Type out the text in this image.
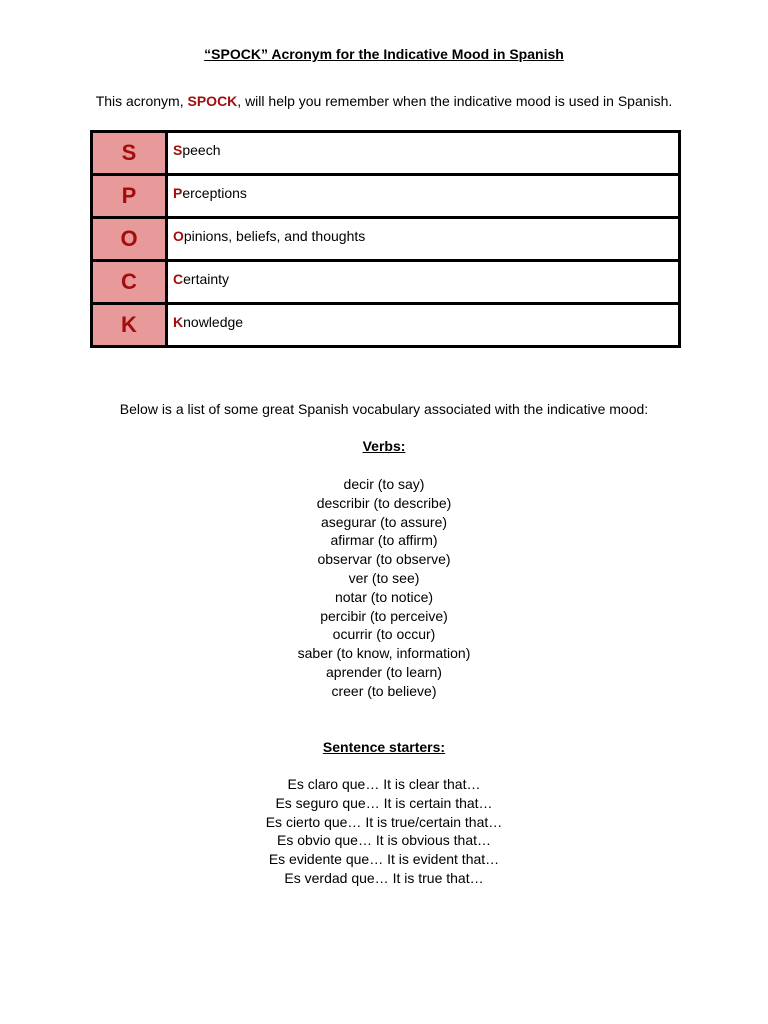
“SPOCK” Acronym for the Indicative Mood in Spanish
This acronym, SPOCK, will help you remember when the indicative mood is used in Spanish.
S	Speech
P	Perceptions
O	Opinions, beliefs, and thoughts
C	Certainty
K	Knowledge
Below is a list of some great Spanish vocabulary associated with the indicative mood:
Verbs:
decir (to say)
describir (to describe)
asegurar (to assure)
afirmar (to affirm)
observar (to observe)
ver (to see)
notar (to notice)
percibir (to perceive)
ocurrir (to occur)
saber (to know, information)
aprender (to learn)
creer (to believe)
Sentence starters:
Es claro que… It is clear that…
Es seguro que… It is certain that…
Es cierto que… It is true/certain that…
Es obvio que… It is obvious that…
Es evidente que… It is evident that…
Es verdad que… It is true that…
